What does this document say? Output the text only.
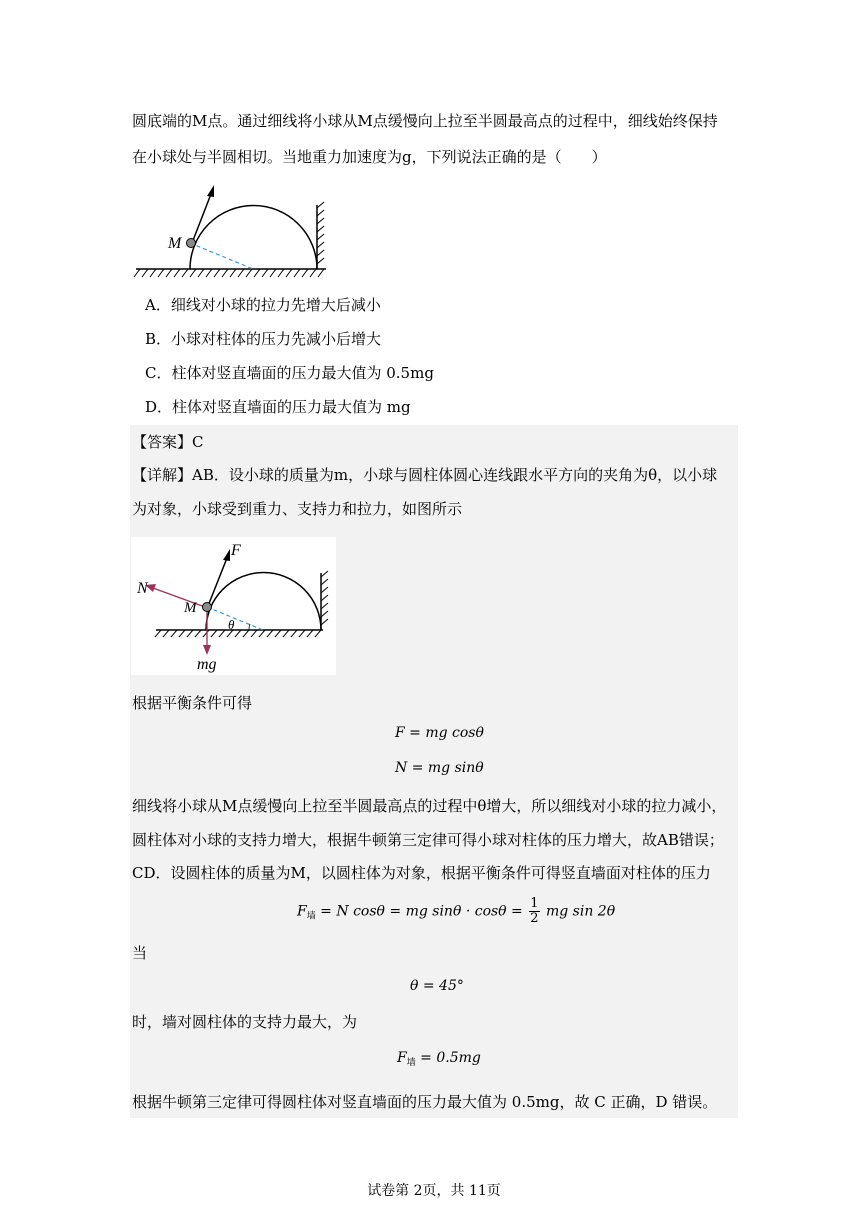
圆底端的M点。通过细线将小球从M点缓慢向上拉至半圆最高点的过程中，细线始终保持
在小球处与半圆相切。当地重力加速度为g，下列说法正确的是（　　）
M
A．细线对小球的拉力先增大后减小
B．小球对柱体的压力先减小后增大
C．柱体对竖直墙面的压力最大值为 0.5mg
D．柱体对竖直墙面的压力最大值为 mg
【答案】C
【详解】AB．设小球的质量为m，小球与圆柱体圆心连线跟水平方向的夹角为θ，以小球
为对象，小球受到重力、支持力和拉力，如图所示
F
N
M
θ
mg
根据平衡条件可得
F = mg cosθ
N = mg sinθ
细线将小球从M点缓慢向上拉至半圆最高点的过程中θ增大，所以细线对小球的拉力减小，
圆柱体对小球的支持力增大，根据牛顿第三定律可得小球对柱体的压力增大，故AB错误；
CD．设圆柱体的质量为M，以圆柱体为对象，根据平衡条件可得竖直墙面对柱体的压力
$F_墙 = N$ cosθ = mg $\sin\theta \cdot \cos\theta = \frac{1}{2}$ mg sin 2θ
当
θ = 45°
时，墙对圆柱体的支持力最大，为
$F_墙 = 0.5mg$
根据牛顿第三定律可得圆柱体对竖直墙面的压力最大值为 0.5mg，故 C 正确，D 错误。
试卷第 2页，共 11页
